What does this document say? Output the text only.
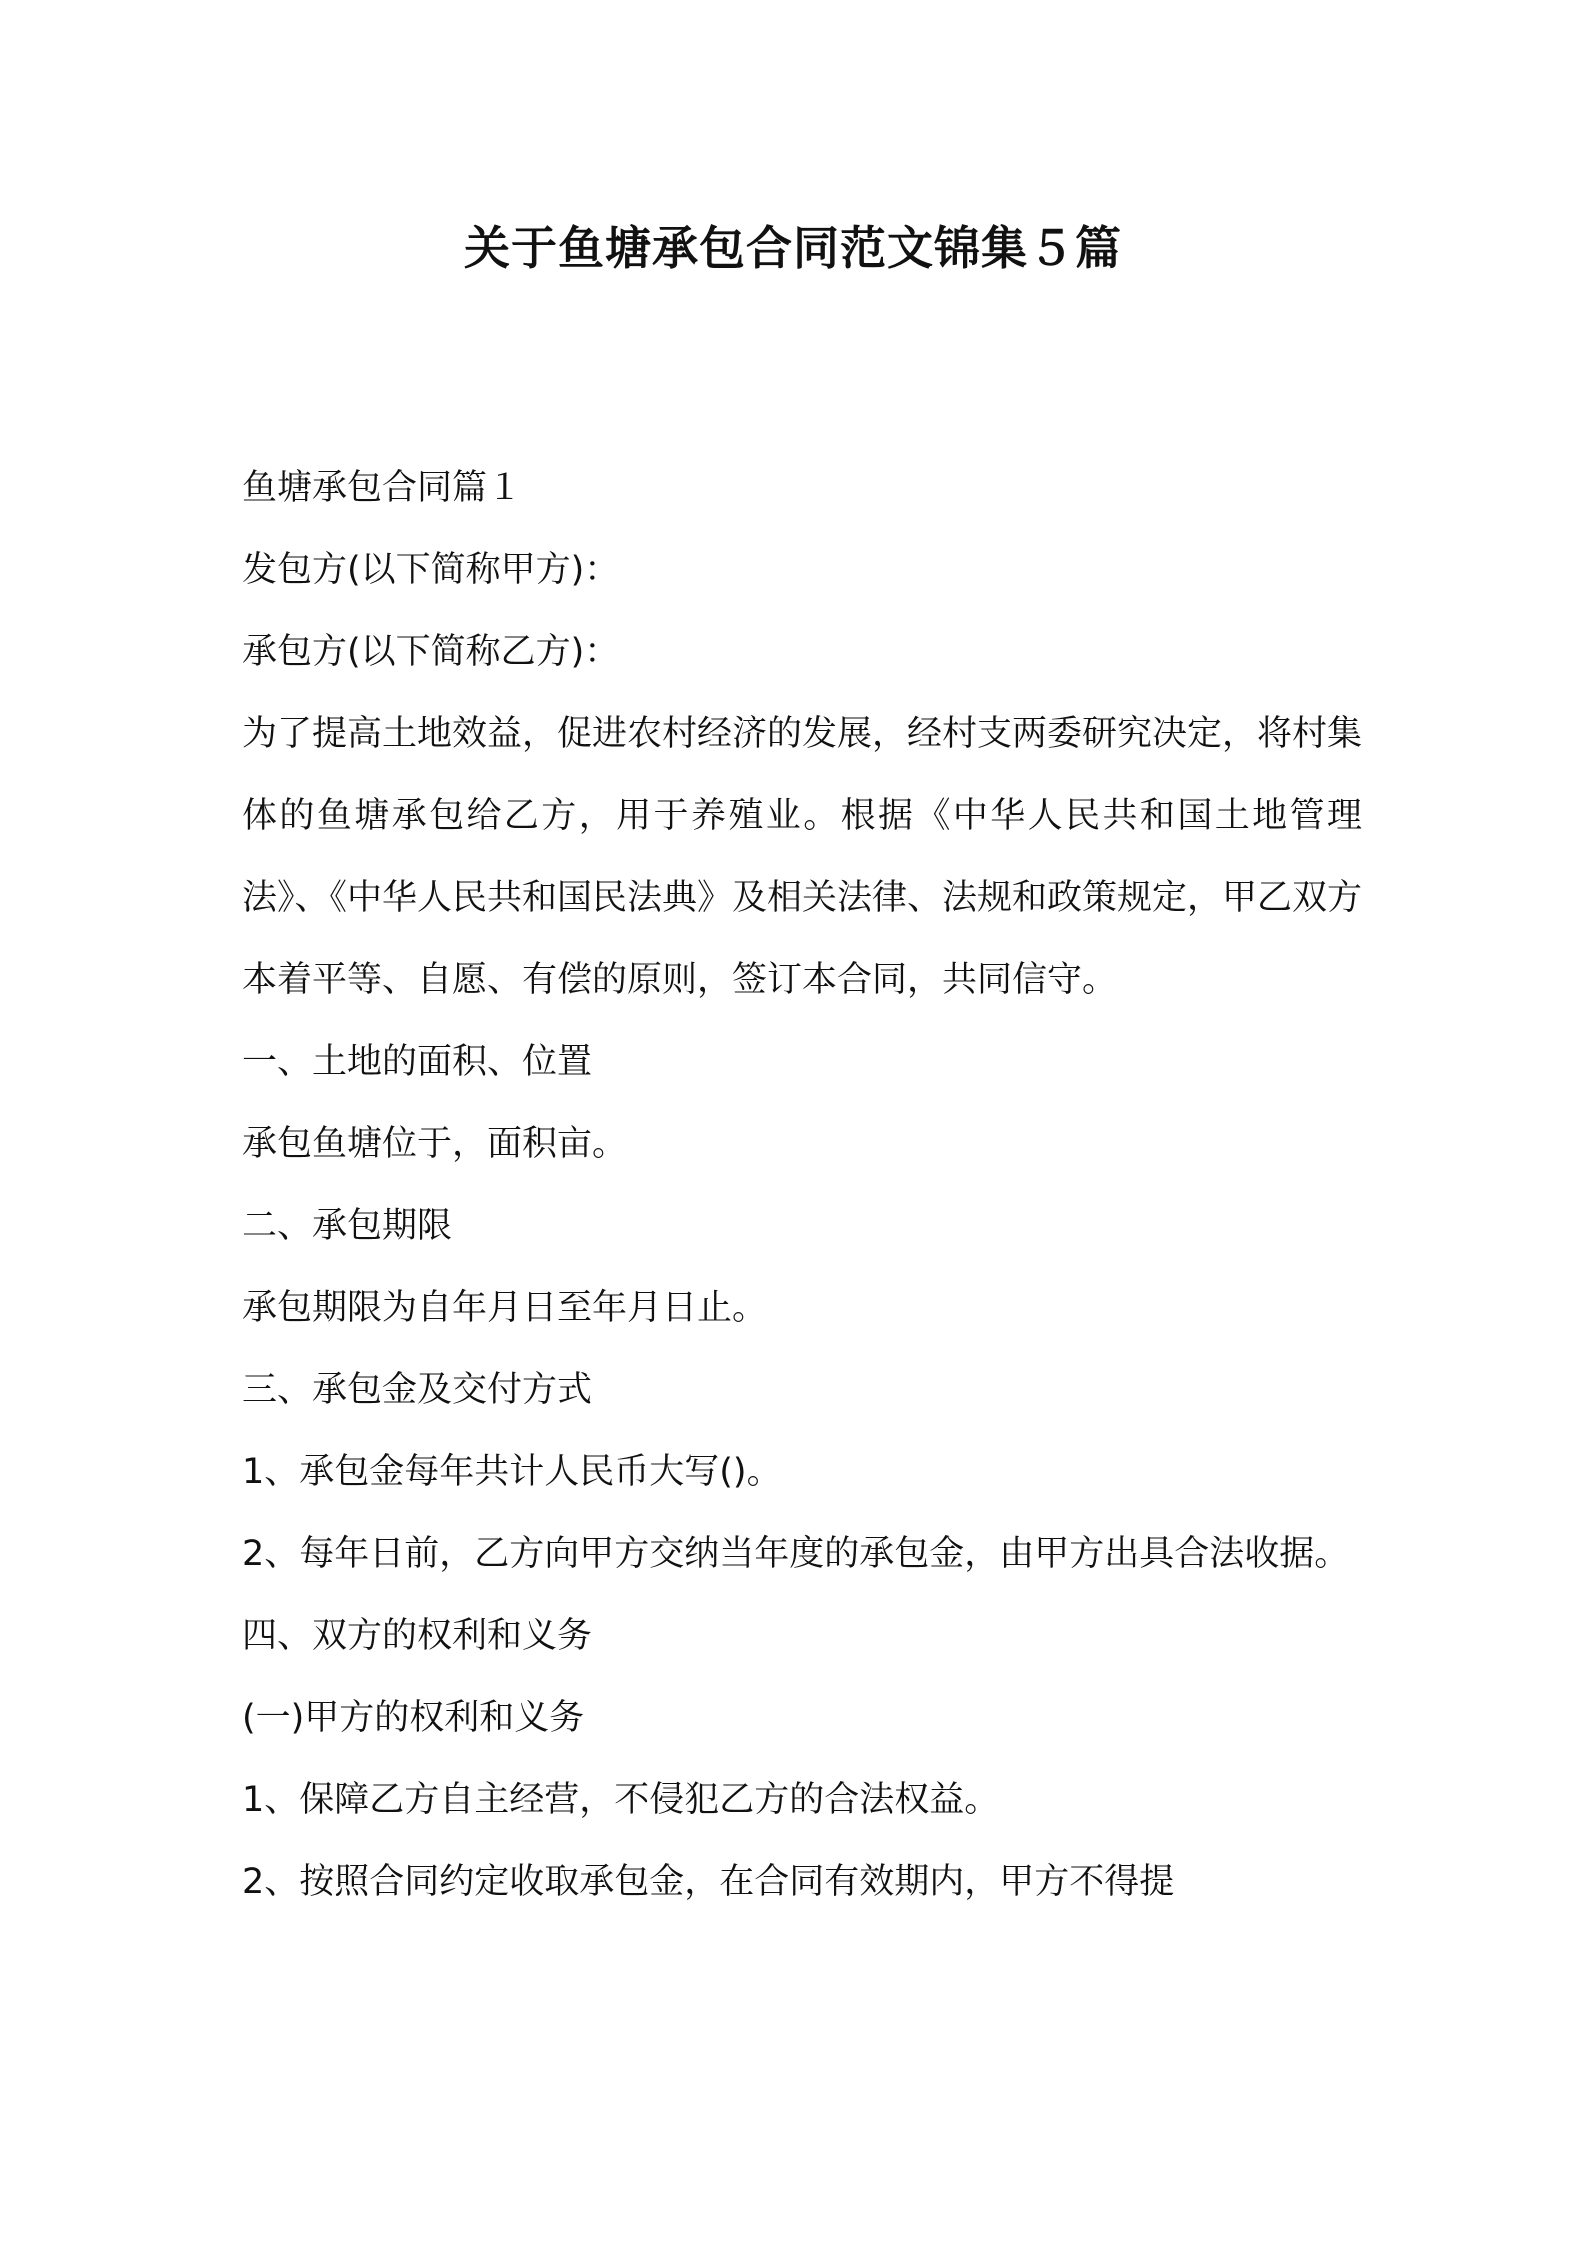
关于鱼塘承包合同范文锦集５篇

鱼塘承包合同篇１

发包方(以下简称甲方)：

承包方(以下简称乙方)：

为了提高土地效益，促进农村经济的发展，经村支两委研究决定，将村集体的鱼塘承包给乙方，用于养殖业。根据《中华人民共和国土地管理法》、《中华人民共和国民法典》及相关法律、法规和政策规定，甲乙双方本着平等、自愿、有偿的原则，签订本合同，共同信守。

一、土地的面积、位置

承包鱼塘位于，面积亩。

二、承包期限

承包期限为自年月日至年月日止。

三、承包金及交付方式

1、承包金每年共计人民币大写()。

2、每年日前，乙方向甲方交纳当年度的承包金，由甲方出具合法收据。

四、双方的权利和义务

(一)甲方的权利和义务

1、保障乙方自主经营，不侵犯乙方的合法权益。

2、按照合同约定收取承包金，在合同有效期内，甲方不得提
